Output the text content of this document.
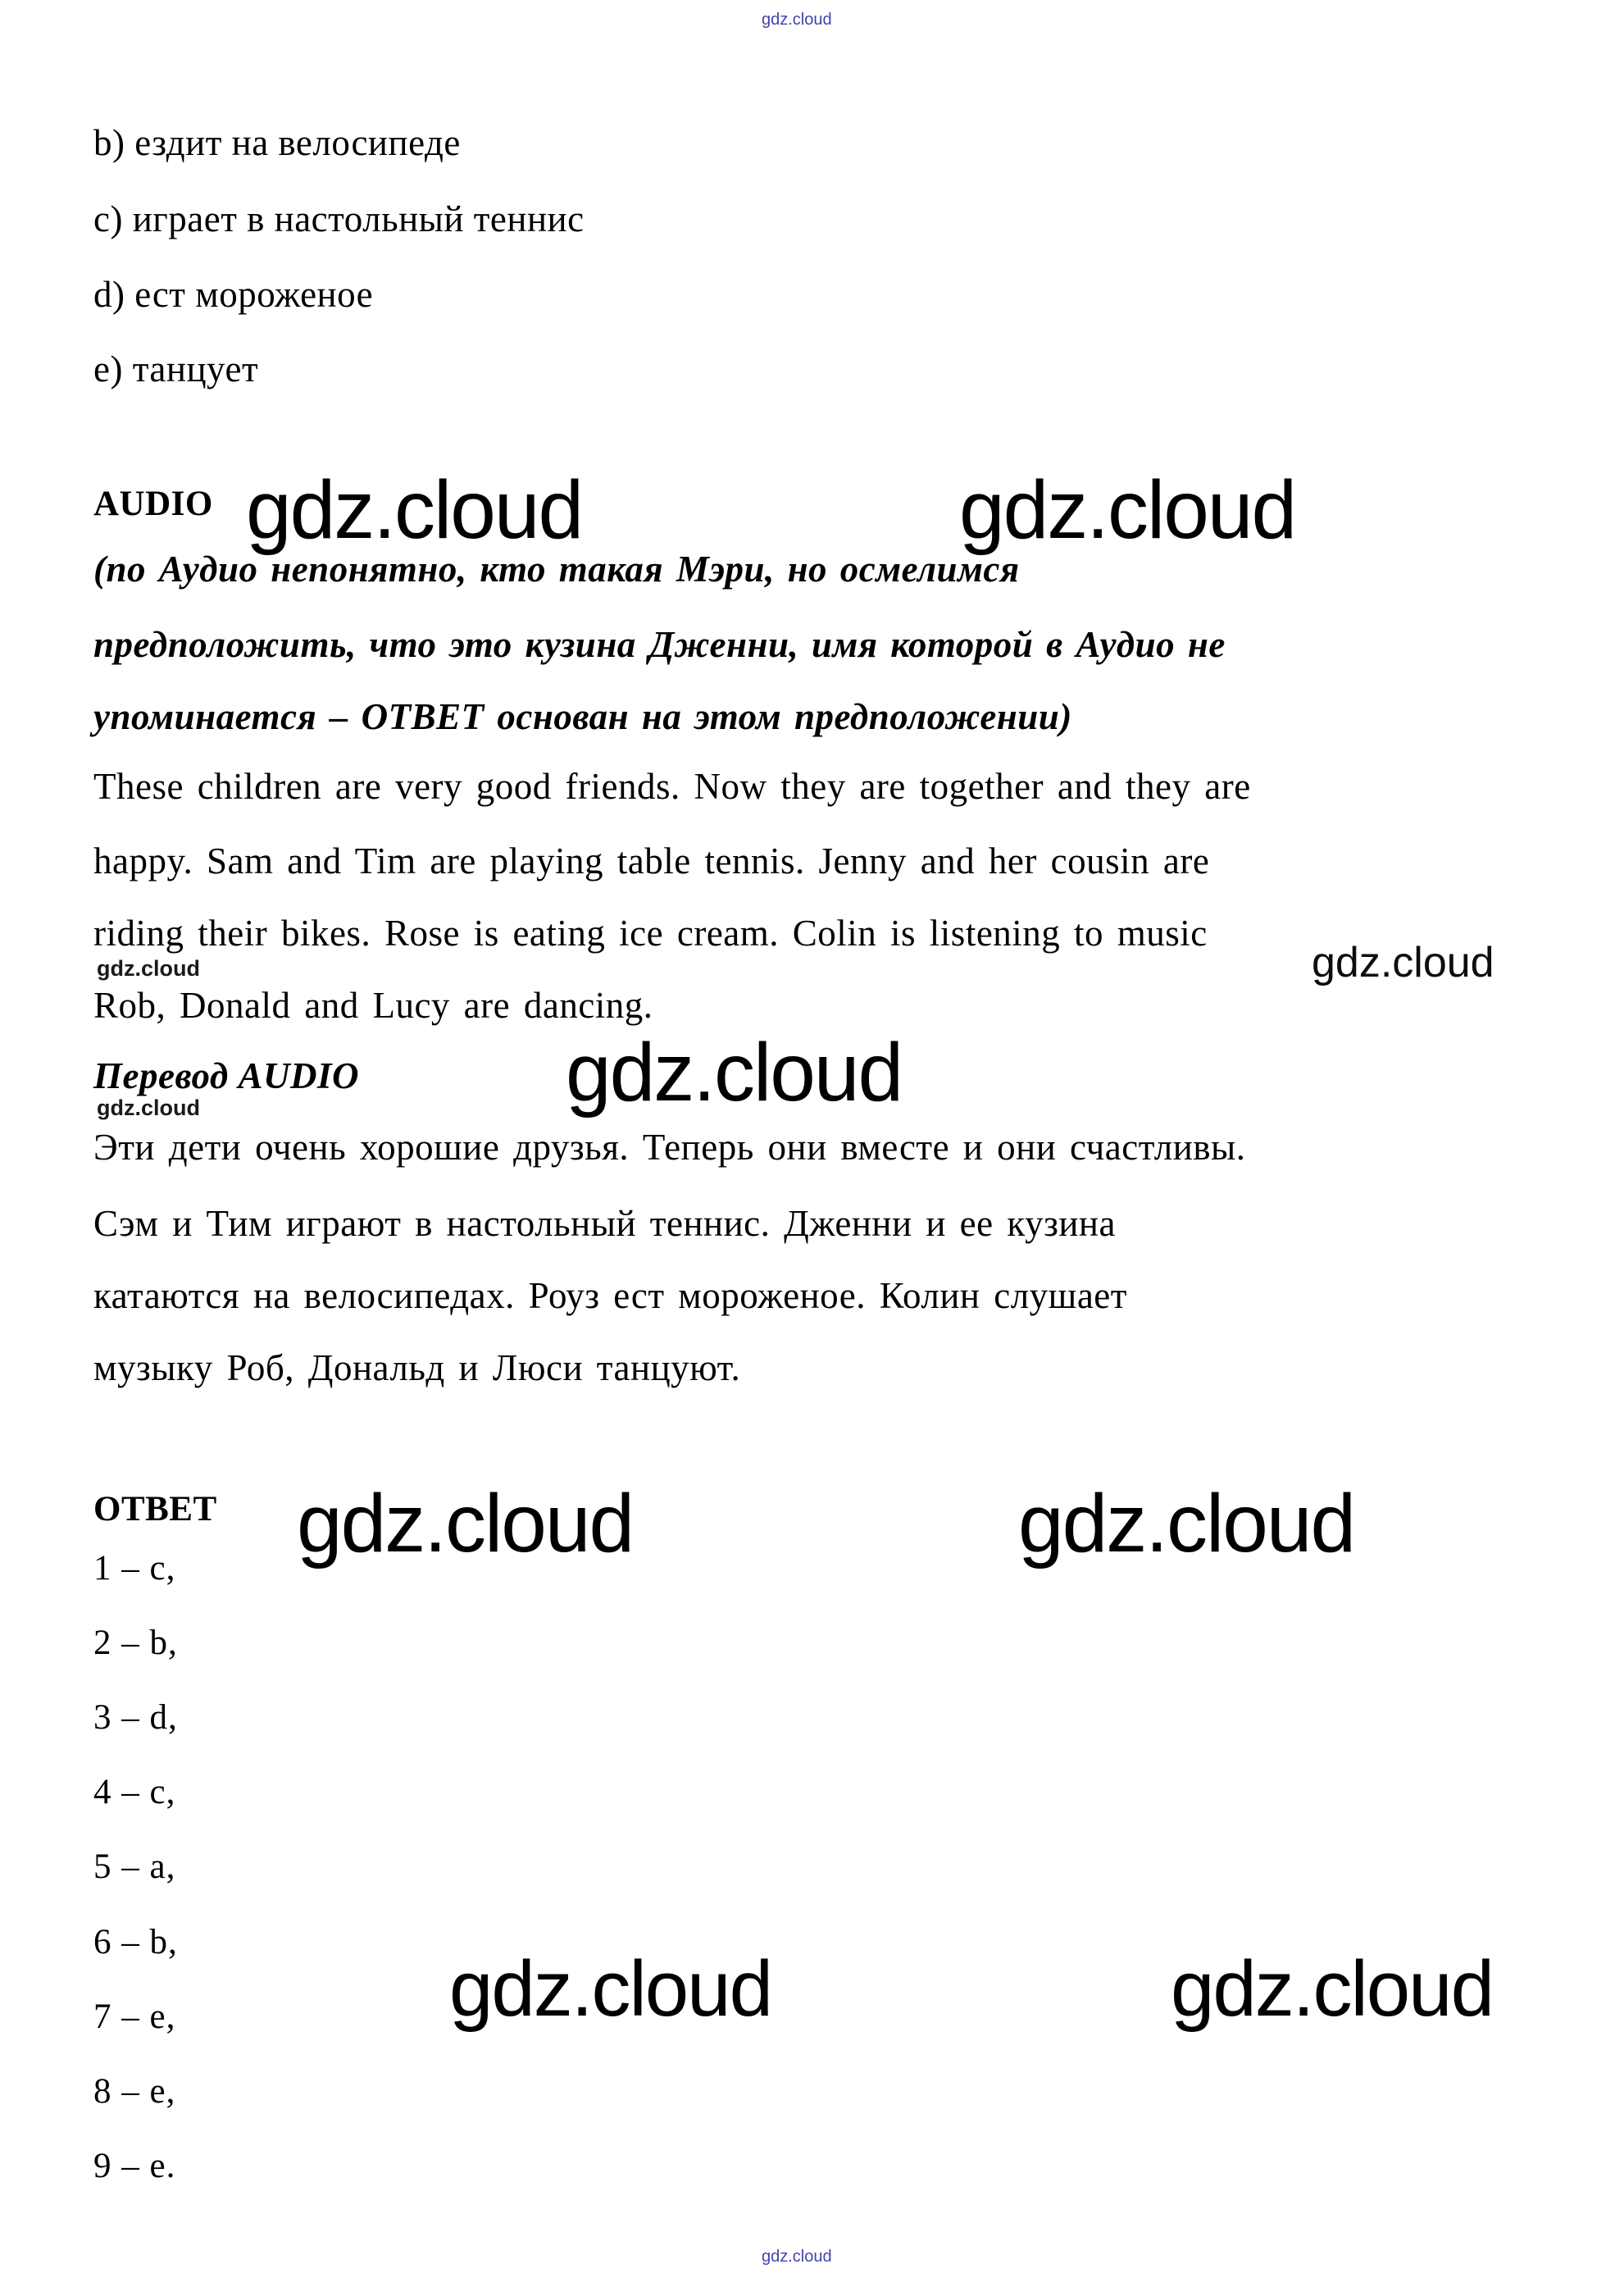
gdz.cloud
b) ездит на велосипеде
c) играет в настольный теннис
d) ест мороженое
e) танцует
AUDIO gdz.cloud	gdz.cloud
(по Аудио непонятно, кто такая Мэри, но осмелимся
предположить, что это кузина Дженни, имя которой в Аудио не
упоминается – ОТВЕТ основан на этом предположении)
These children are very good friends. Now they are together and they are
happy. Sam and Tim are playing table tennis. Jenny and her cousin are
riding their bikes. Rose is eating ice cream. Colin is listening to music
Rob, Donald and Lucy are dancing.
gdz.cloud	gdz.cloud
Перевод AUDIO	gdz.cloud
gdz.cloud
Эти дети очень хорошие друзья. Теперь они вместе и они счастливы.
Сэм и Тим играют в настольный теннис. Дженни и ее кузина
катаются на велосипедах. Роуз ест мороженое. Колин слушает
музыку Роб, Дональд и Люси танцуют.
ОТВЕТ gdz.cloud	gdz.cloud
1 – c,
2 – b,
3 – d,
4 – c,
5 – a,
6 – b,
7 – e,
8 – e,
9 – e.
gdz.cloud	gdz.cloud
gdz.cloud
